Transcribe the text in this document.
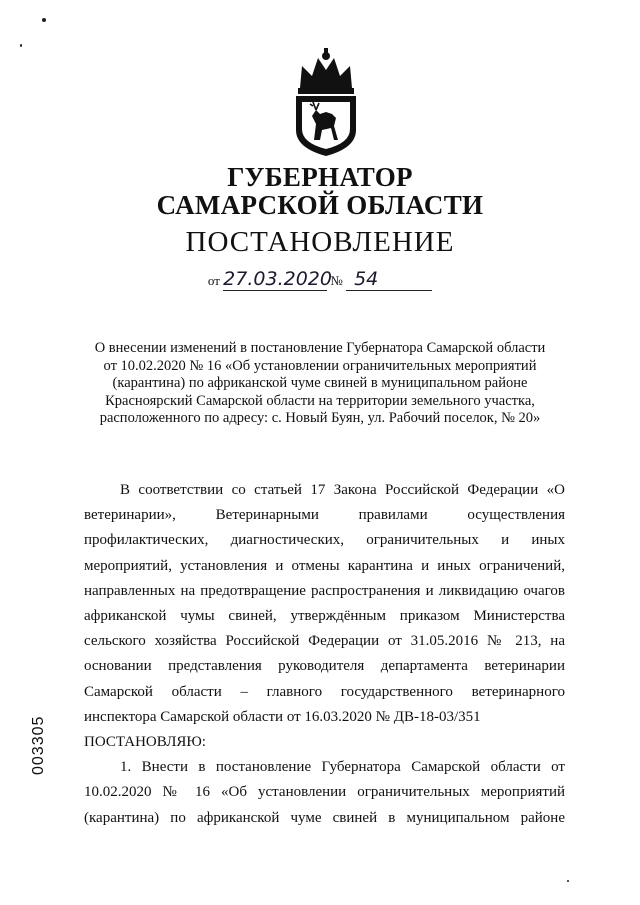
ГУБЕРНАТОР
САМАРСКОЙ ОБЛАСТИ
ПОСТАНОВЛЕНИЕ
от 27.03.2020 № 54
О внесении изменений в постановление Губернатора Самарской области
от 10.02.2020 № 16 «Об установлении ограничительных мероприятий
(карантина) по африканской чуме свиней в муниципальном районе
Красноярский Самарской области на территории земельного участка,
расположенного по адресу: с. Новый Буян, ул. Рабочий поселок, № 20»

В соответствии со статьей 17 Закона Российской Федерации «О ветеринарии», Ветеринарными правилами осуществления профилактических, диагностических, ограничительных и иных мероприятий, установления и отмены карантина и иных ограничений, направленных на предотвращение распространения и ликвидацию очагов африканской чумы свиней, утверждённым приказом Министерства сельского хозяйства Российской Федерации от 31.05.2016 № 213, на основании представления руководителя департамента ветеринарии Самарской области – главного государственного ветеринарного инспектора Самарской области от 16.03.2020 № ДВ-18-03/351

ПОСТАНОВЛЯЮ:

1. Внести в постановление Губернатора Самарской области от 10.02.2020 № 16 «Об установлении ограничительных мероприятий (карантина) по африканской чуме свиней в муниципальном районе

003305
